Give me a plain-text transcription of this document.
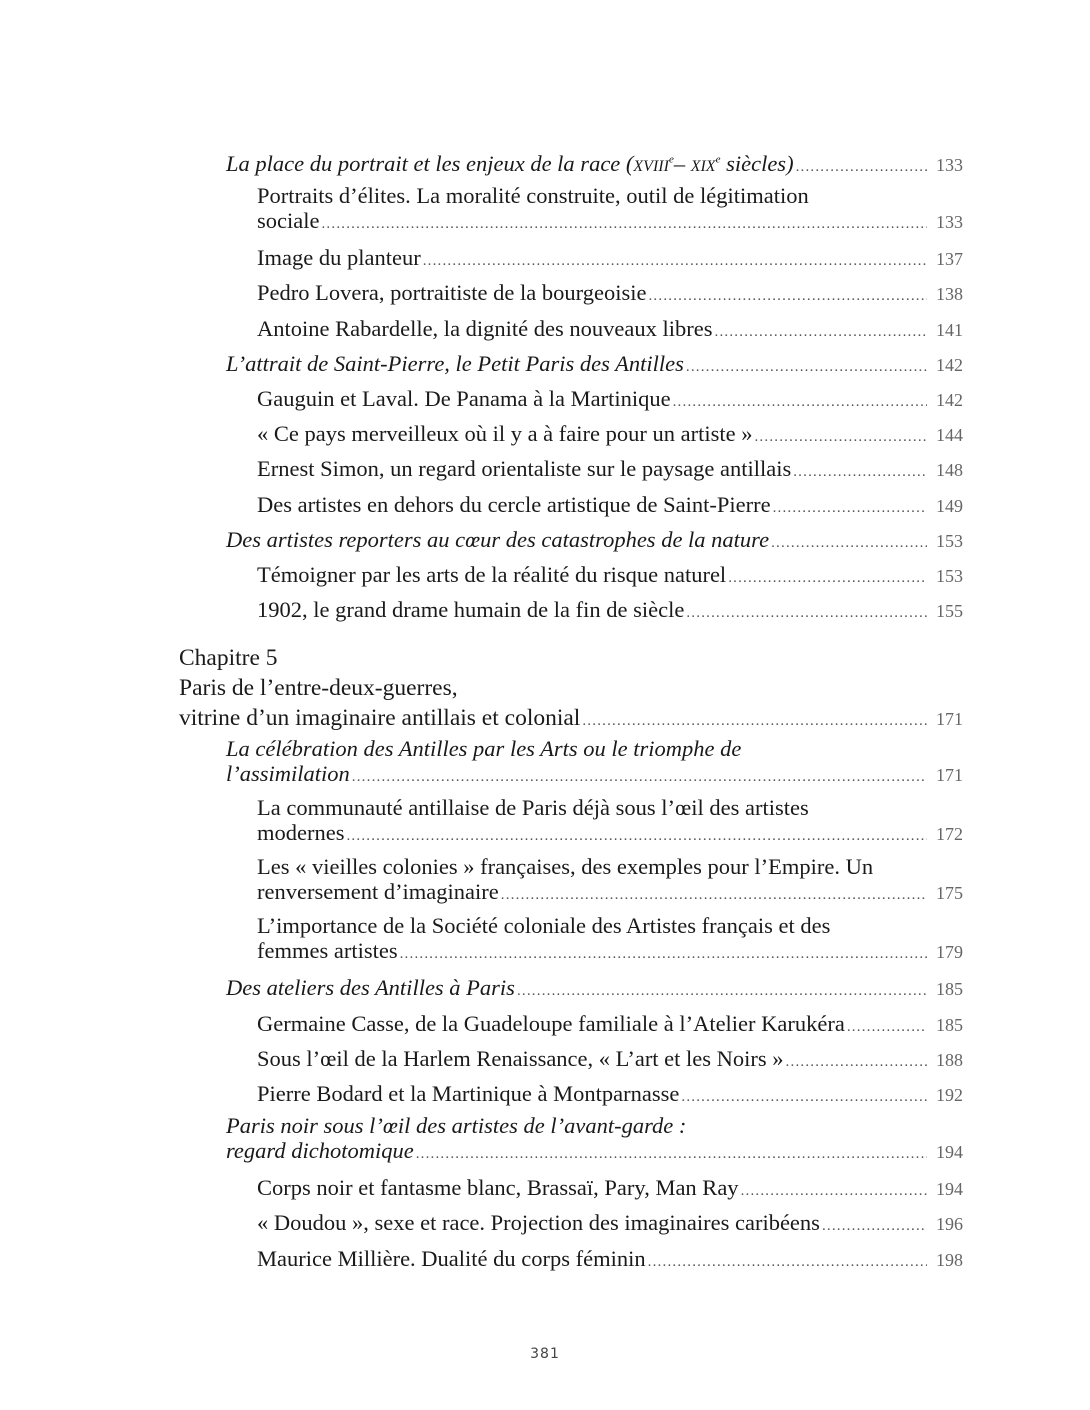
La place du portrait et les enjeux de la race (xviii$^e$– xix$^e$ siècles) .....	133
Portraits d’élites. La moralité construite, outil de légitimation
sociale .....	133
Image du planteur .....	137
Pedro Lovera, portraitiste de la bourgeoisie .....	138
Antoine Rabardelle, la dignité des nouveaux libres .....	141
L’attrait de Saint-Pierre, le Petit Paris des Antilles .....	142
Gauguin et Laval. De Panama à la Martinique .....	142
« Ce pays merveilleux où il y a à faire pour un artiste » .....	144
Ernest Simon, un regard orientaliste sur le paysage antillais .....	148
Des artistes en dehors du cercle artistique de Saint-Pierre .....	149
Des artistes reporters au cœur des catastrophes de la nature .....	153
Témoigner par les arts de la réalité du risque naturel .....	153
1902, le grand drame humain de la fin de siècle .....	155
Chapitre 5
Paris de l’entre-deux-guerres,
vitrine d’un imaginaire antillais et colonial .....	171
La célébration des Antilles par les Arts ou le triomphe de
l’assimilation .....	171
La communauté antillaise de Paris déjà sous l’œil des artistes
modernes .....	172
Les « vieilles colonies » françaises, des exemples pour l’Empire. Un
renversement d’imaginaire .....	175
L’importance de la Société coloniale des Artistes français et des
femmes artistes .....	179
Des ateliers des Antilles à Paris .....	185
Germaine Casse, de la Guadeloupe familiale à l’Atelier Karukéra .....	185
Sous l’œil de la Harlem Renaissance, « L’art et les Noirs » .....	188
Pierre Bodard et la Martinique à Montparnasse .....	192
Paris noir sous l’œil des artistes de l’avant-garde :
regard dichotomique .....	194
Corps noir et fantasme blanc, Brassaï, Pary, Man Ray .....	194
« Doudou », sexe et race. Projection des imaginaires caribéens .....	196
Maurice Millière. Dualité du corps féminin .....	198
381
